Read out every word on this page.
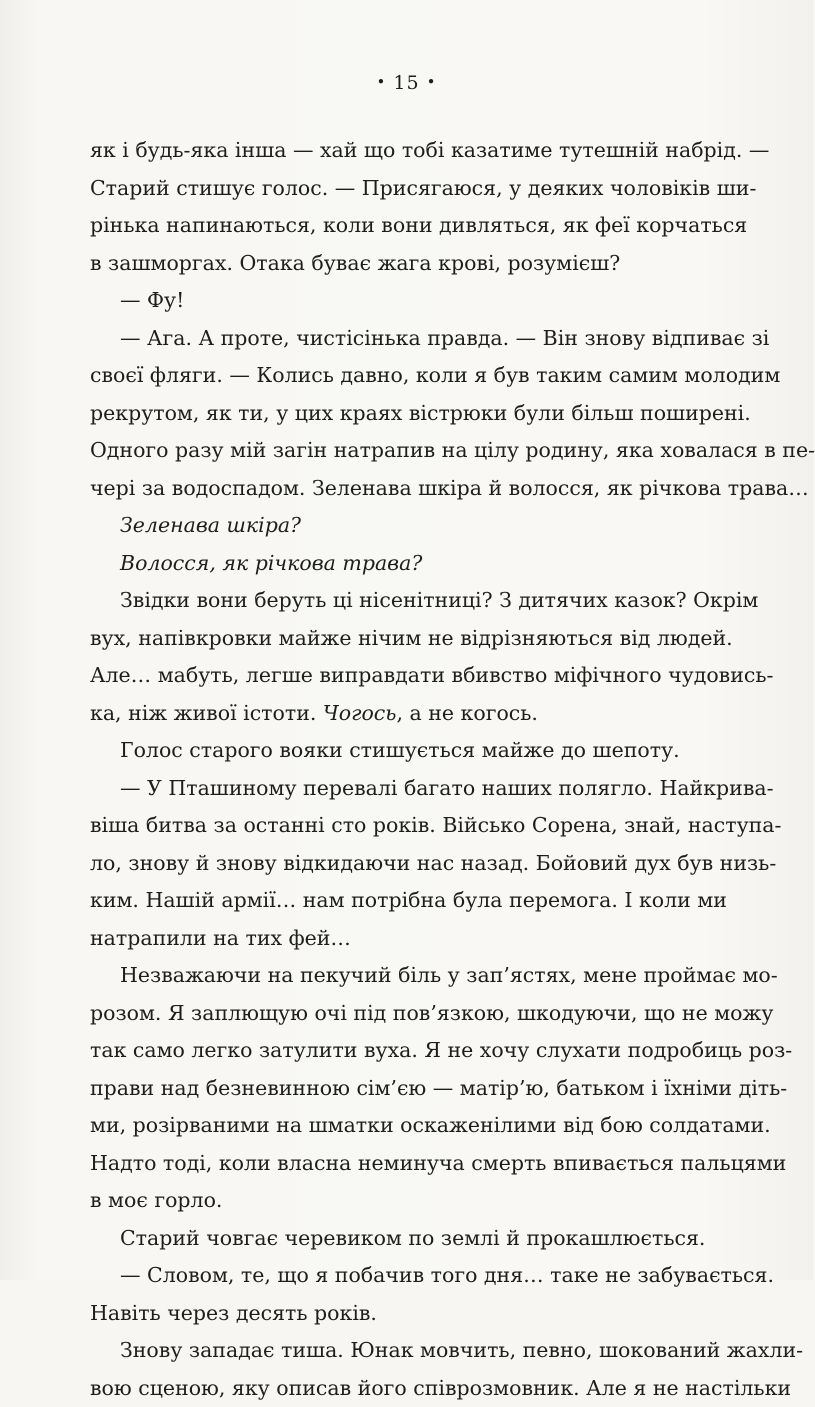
• 15 •
як і будь-яка інша — хай що тобі казатиме тутешній набрід. —
Старий стишує голос. — Присягаюся, у деяких чоловіків ши-
рінька напинаються, коли вони дивляться, як феї корчаться
в зашморгах. Отака буває жага крові, розумієш?
— Фу!
— Ага. А проте, чистісінька правда. — Він знову відпиває зі
своєї фляги. — Колись давно, коли я був таким самим молодим
рекрутом, як ти, у цих краях вістрюки були більш поширені.
Одного разу мій загін натрапив на цілу родину, яка ховалася в пе-
чері за водоспадом. Зеленава шкіра й волосся, як річкова трава…
Зеленава шкіра?
Волосся, як річкова трава?
Звідки вони беруть ці нісенітниці? З дитячих казок? Окрім
вух, напівкровки майже нічим не відрізняються від людей.
Але… мабуть, легше виправдати вбивство міфічного чудовись-
ка, ніж живої істоти. Чогось, а не когось.
Голос старого вояки стишується майже до шепоту.
— У Пташиному перевалі багато наших полягло. Найкрива-
віша битва за останні сто років. Військо Сорена, знай, наступа-
ло, знову й знову відкидаючи нас назад. Бойовий дух був низь-
ким. Нашій армії… нам потрібна була перемога. І коли ми
натрапили на тих фей…
Незважаючи на пекучий біль у зап’ястях, мене проймає мо-
розом. Я заплющую очі під пов’язкою, шкодуючи, що не можу
так само легко затулити вуха. Я не хочу слухати подробиць роз-
прави над безневинною сім’єю — матір’ю, батьком і їхніми діть-
ми, розірваними на шматки оскаженілими від бою солдатами.
Надто тоді, коли власна неминуча смерть впивається пальцями
в моє горло.
Старий човгає черевиком по землі й прокашлюється.
— Словом, те, що я побачив того дня… таке не забувається.
Навіть через десять років.
Знову западає тиша. Юнак мовчить, певно, шокований жахли-
вою сценою, яку описав його співрозмовник. Але я не настільки
